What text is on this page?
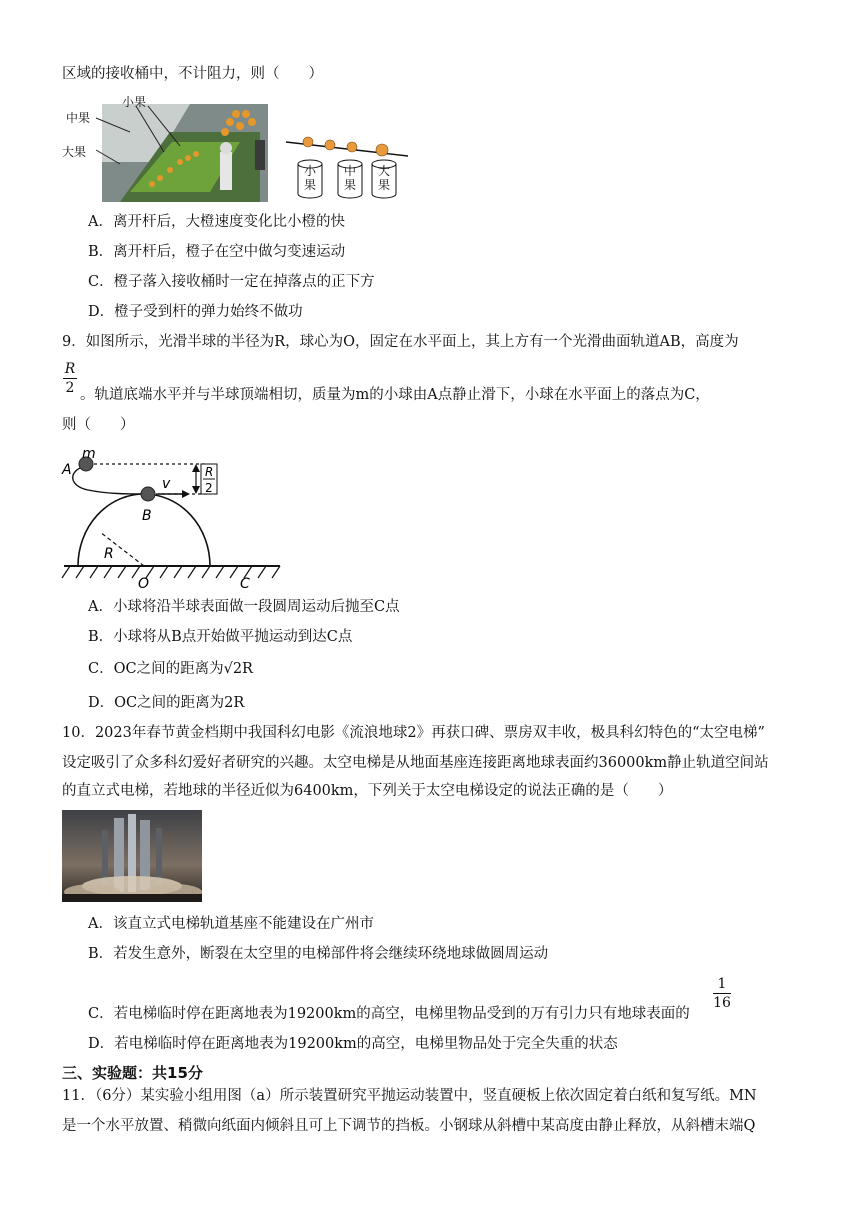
区域的接收桶中，不计阻力，则（　　）
小果
中果
大果
小果
中果
大果
A．离开杆后，大橙速度变化比小橙的快
B．离开杆后，橙子在空中做匀变速运动
C．橙子落入接收桶时一定在掉落点的正下方
D．橙子受到杆的弹力始终不做功
9．如图所示，光滑半球的半径为R，球心为O，固定在水平面上，其上方有一个光滑曲面轨道AB，高度为
R
2 。轨道底端水平并与半球顶端相切，质量为m的小球由A点静止滑下，小球在水平面上的落点为C，
则（　　）
m
A
B
v
R
2
R
O	C
A．小球将沿半球表面做一段圆周运动后抛至C点
B．小球将从B点开始做平抛运动到达C点
C．OC之间的距离为√2R
D．OC之间的距离为2R
10．2023年春节黄金档期中我国科幻电影《流浪地球2》再获口碑、票房双丰收，极具科幻特色的“太空电梯”
设定吸引了众多科幻爱好者研究的兴趣。太空电梯是从地面基座连接距离地球表面约36000km静止轨道空间站
的直立式电梯，若地球的半径近似为6400km，下列关于太空电梯设定的说法正确的是（　　）
A．该直立式电梯轨道基座不能建设在广州市
B．若发生意外，断裂在太空里的电梯部件将会继续环绕地球做圆周运动
C．若电梯临时停在距离地表为19200km的高空，电梯里物品受到的万有引力只有地球表面的
1
16
D．若电梯临时停在距离地表为19200km的高空，电梯里物品处于完全失重的状态
三、实验题：共15分
11．（6分）某实验小组用图（a）所示装置研究平抛运动装置中，竖直硬板上依次固定着白纸和复写纸。MN
是一个水平放置、稍微向纸面内倾斜且可上下调节的挡板。小钢球从斜槽中某高度由静止释放，从斜槽末端Q
